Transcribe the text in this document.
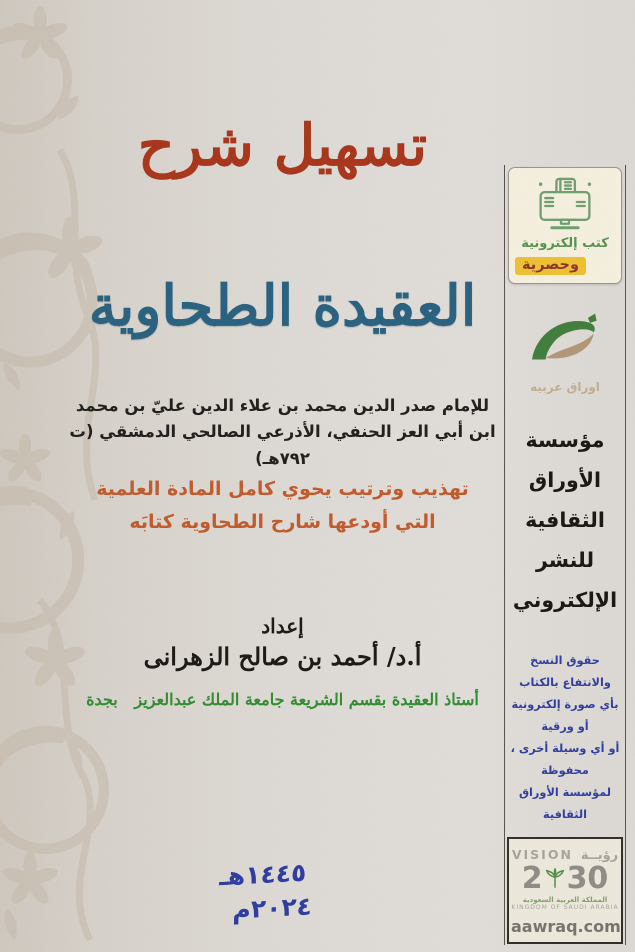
تسهيل شرح
العقيدة الطحاوية
للإمام صدر الدين محمد بن علاء الدين عليّ بن محمد
ابن أبي العز الحنفي، الأذرعي الصالحي الدمشقي (ت ٧٩٢هـ)
تهذيب وترتيب يحوي كامل المادة العلمية
التي أودعها شارح الطحاوية كتابَه
إعداد
أ.د/ أحمد بن صالح الزهرانى
أستاذ العقيدة بقسم الشريعة جامعة الملك عبدالعزيز   بجدة
١٤٤٥هـ
٢٠٢٤م
كتب إلكترونية
وحصرية
اوراق عربيه
مؤسسة
الأوراق
الثقافية
للنشر
الإلكتروني
حقوق النسخ والانتفاع بالكتاب
بأي صورة إلكترونية أو ورقية
أو أي وسيلة أخرى ، محفوظة
لمؤسسة الأوراق الثقافية
VISION رؤيــة
2 30
المملكة العربية السعودية
KINGDOM OF SAUDI ARABIA
aawraq.com
